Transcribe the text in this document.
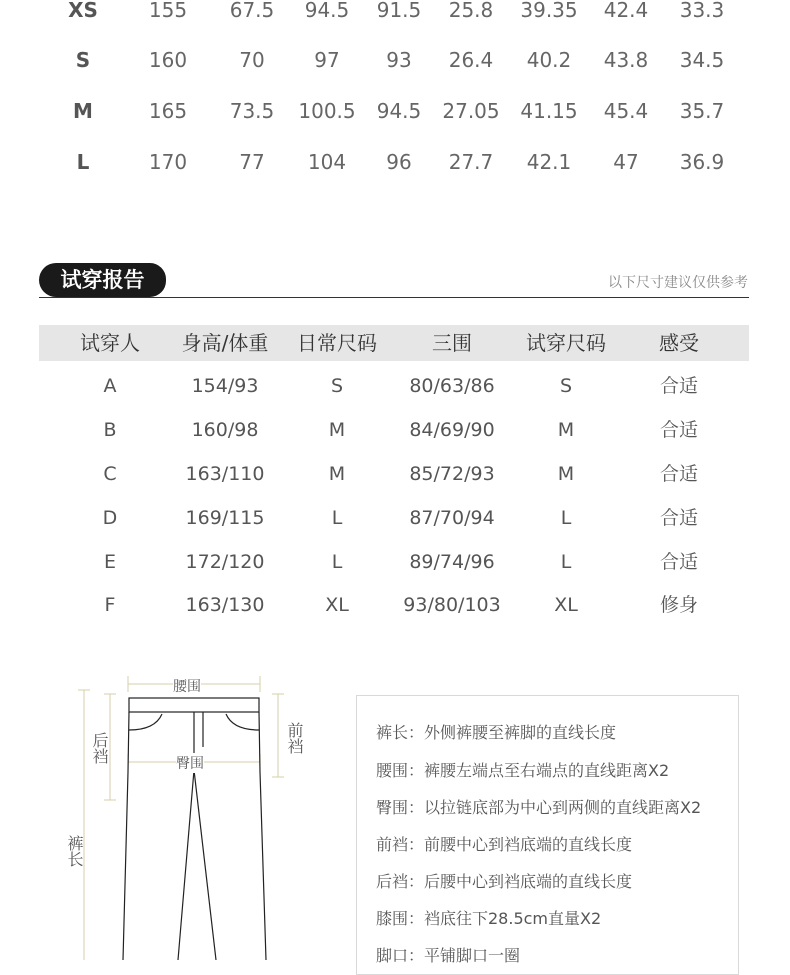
XS	155 67.5 94.5 91.5 25.8 39.35 42.4 33.3
S	160	70 97 93 26.4 40.2 43.8 34.5
M	165 73.5 100.5 94.5 27.05 41.15 45.4 35.7
L	170	77 104 96 27.7 42.1 47 36.9
试穿报告	以下尺寸建议仅供参考
试穿人 身高/体重 日常尺码	三围	试穿尺码	感受
A	154/93	S	80/63/86	S	合适
B	160/98	M	84/69/90	M	合适
C	163/110	M	85/72/93	M	合适
D	169/115	L	87/70/94	L	合适
E	172/120	L	89/74/96	L	合适
F	163/130	XL	93/80/103	XL	修身
腰围
臀围
后裆	前裆
裤长
裤长：外侧裤腰至裤脚的直线长度
腰围：裤腰左端点至右端点的直线距离X2
臀围：以拉链底部为中心到两侧的直线距离X2
前裆：前腰中心到裆底端的直线长度
后裆：后腰中心到裆底端的直线长度
膝围：裆底往下28.5cm直量X2
脚口：平铺脚口一圈
